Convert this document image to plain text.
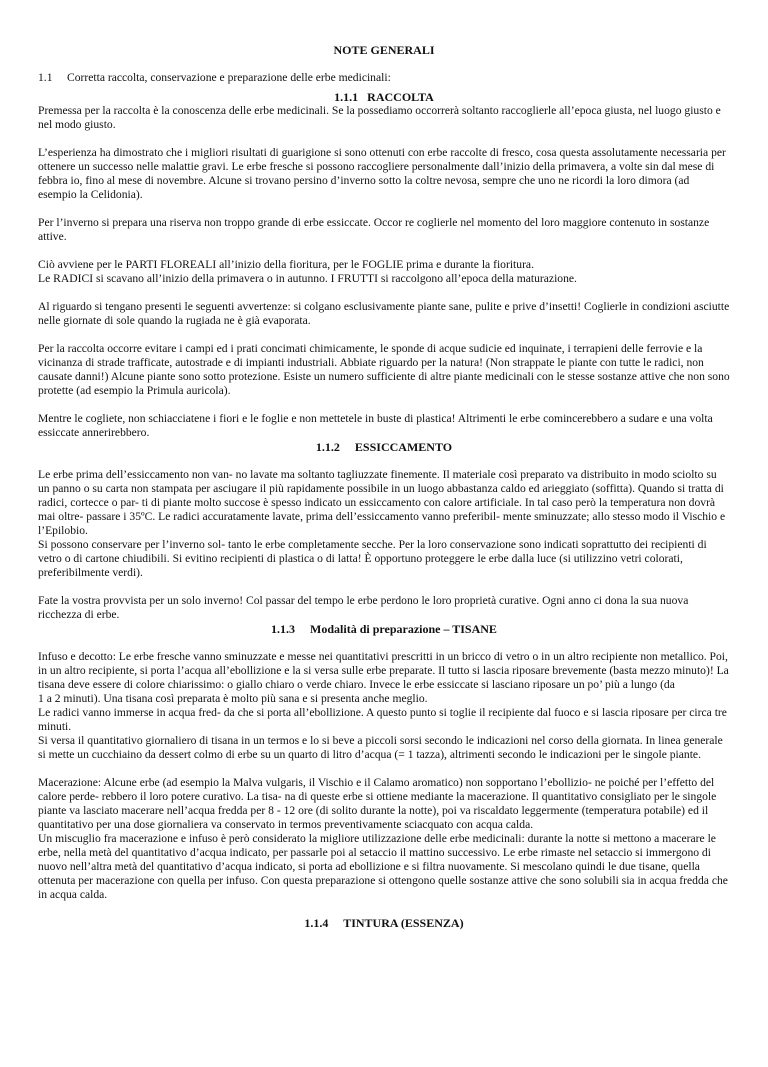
NOTE GENERALI

1.1     Corretta raccolta, conservazione e preparazione delle erbe medicinali:

1.1.1   RACCOLTA

Premessa per la raccolta è la conoscenza delle erbe medicinali. Se la possediamo occorrerà soltanto raccoglierle all’epoca giusta, nel luogo giusto e nel modo giusto.

L’esperienza ha dimostrato che i migliori risultati di guarigione si sono ottenuti con erbe raccolte di fresco, cosa questa assolutamente necessaria per ottenere un successo nelle malattie gravi. Le erbe fresche si possono raccogliere personalmente dall’inizio della primavera, a volte sin dal mese di febbra io, fino al mese di novembre. Alcune si trovano persino d’inverno sotto la coltre nevosa, sempre che uno ne ricordi la loro dimora (ad esempio la Celidonia).

Per l’inverno si prepara una riserva non troppo grande di erbe essiccate. Occor re coglierle nel momento del loro maggiore contenuto in sostanze attive.

Ciò avviene per le PARTI FLOREALI all’inizio della fioritura, per le FOGLIE prima e durante la fioritura.

Le RADICI si scavano all’inizio della primavera o in autunno. I FRUTTI si raccolgono all’epoca della maturazione.

Al riguardo si tengano presenti le seguenti avvertenze: si colgano esclusivamente piante sane, pulite e prive d’insetti! Coglierle in condizioni asciutte nelle giornate di sole quando la rugiada ne è già evaporata.

Per la raccolta occorre evitare i campi ed i prati concimati chimicamente, le sponde di acque sudicie ed inquinate, i terrapieni delle ferrovie e la vicinanza di strade trafficate, autostrade e di impianti industriali. Abbiate riguardo per la natura! (Non strappate le piante con tutte le radici, non causate danni!) Alcune piante sono sotto protezione. Esiste un numero sufficiente di altre piante medicinali con le stesse sostanze attive che non sono protette (ad esempio la Primula auricola).

Mentre le cogliete, non schiacciatene i fiori e le foglie e non mettetele in buste di plastica! Altrimenti le erbe comincerebbero a sudare e una volta essiccate annerirebbero.

1.1.2     ESSICCAMENTO

Le erbe prima dell’essiccamento non van- no lavate ma soltanto tagliuzzate finemente. Il materiale così preparato va distribuito in modo sciolto su un panno o su carta non stampata per asciugare il più rapidamente possibile in un luogo abbastanza caldo ed arieggiato (soffitta). Quando si tratta di radici, cortecce o par- ti di piante molto succose è spesso indicato un essiccamento con calore artificiale. In tal caso però la temperatura non dovrà mai oltre- passare i 35ºC. Le radici accuratamente lavate, prima dell’essiccamento vanno preferibil- mente sminuzzate; allo stesso modo il Vischio e l’Epilobio.

Si possono conservare per l’inverno sol- tanto le erbe completamente secche. Per la loro conservazione sono indicati soprattutto dei recipienti di vetro o di cartone chiudibili. Si evitino recipienti di plastica o di latta! È opportuno proteggere le erbe dalla luce (si utilizzino vetri colorati, preferibilmente verdi).

Fate la vostra provvista per un solo inverno! Col passar del tempo le erbe perdono le loro proprietà curative. Ogni anno ci dona la sua nuova ricchezza di erbe.

1.1.3     Modalità di preparazione – TISANE

Infuso e decotto: Le erbe fresche vanno sminuzzate e messe nei quantitativi prescritti in un bricco di vetro o in un altro recipiente non metallico. Poi, in un altro recipiente, si porta l’acqua all’ebollizione e la si versa sulle erbe preparate. Il tutto si lascia riposare brevemente (basta mezzo minuto)! La tisana deve essere di colore chiarissimo: o giallo chiaro o verde chiaro. Invece le erbe essiccate si lasciano riposare un po’ più a lungo (da

1 a 2 minuti). Una tisana così preparata è molto più sana e si presenta anche meglio.

Le radici vanno immerse in acqua fred- da che si porta all’ebollizione. A questo punto si toglie il recipiente dal fuoco e si lascia riposare per circa tre minuti.

Si versa il quantitativo giornaliero di tisana in un termos e lo si beve a piccoli sorsi secondo le indicazioni nel corso della giornata. In linea generale si mette un cucchiaino da dessert colmo di erbe su un quarto di litro d’acqua (= 1 tazza), altrimenti secondo le indicazioni per le singole piante.

Macerazione: Alcune erbe (ad esempio la Malva vulgaris, il Vischio e il Calamo aromatico) non sopportano l’ebollizio- ne poiché per l’effetto del calore perde- rebbero il loro potere curativo. La tisa- na di queste erbe si ottiene mediante la macerazione. Il quantitativo consigliato per le singole piante va lasciato macerare nell’acqua fredda per 8 - 12 ore (di solito durante la notte), poi va riscaldato leggermente (temperatura potabile) ed il quantitativo per una dose giornaliera va conservato in termos preventivamente sciacquato con acqua calda.

Un miscuglio fra macerazione e infuso è però considerato la migliore utilizzazione delle erbe medicinali: durante la notte si mettono a macerare le erbe, nella metà del quantitativo d’acqua indicato, per passarle poi al setaccio il mattino successivo. Le erbe rimaste nel setaccio si immergono di nuovo nell’altra metà del quantitativo d’acqua indicato, si porta ad ebollizione e si filtra nuovamente. Si mescolano quindi le due tisane, quella ottenuta per macerazione con quella per infuso. Con questa preparazione si ottengono quelle sostanze attive che sono solubili sia in acqua fredda che in acqua calda.

1.1.4     TINTURA (ESSENZA)
